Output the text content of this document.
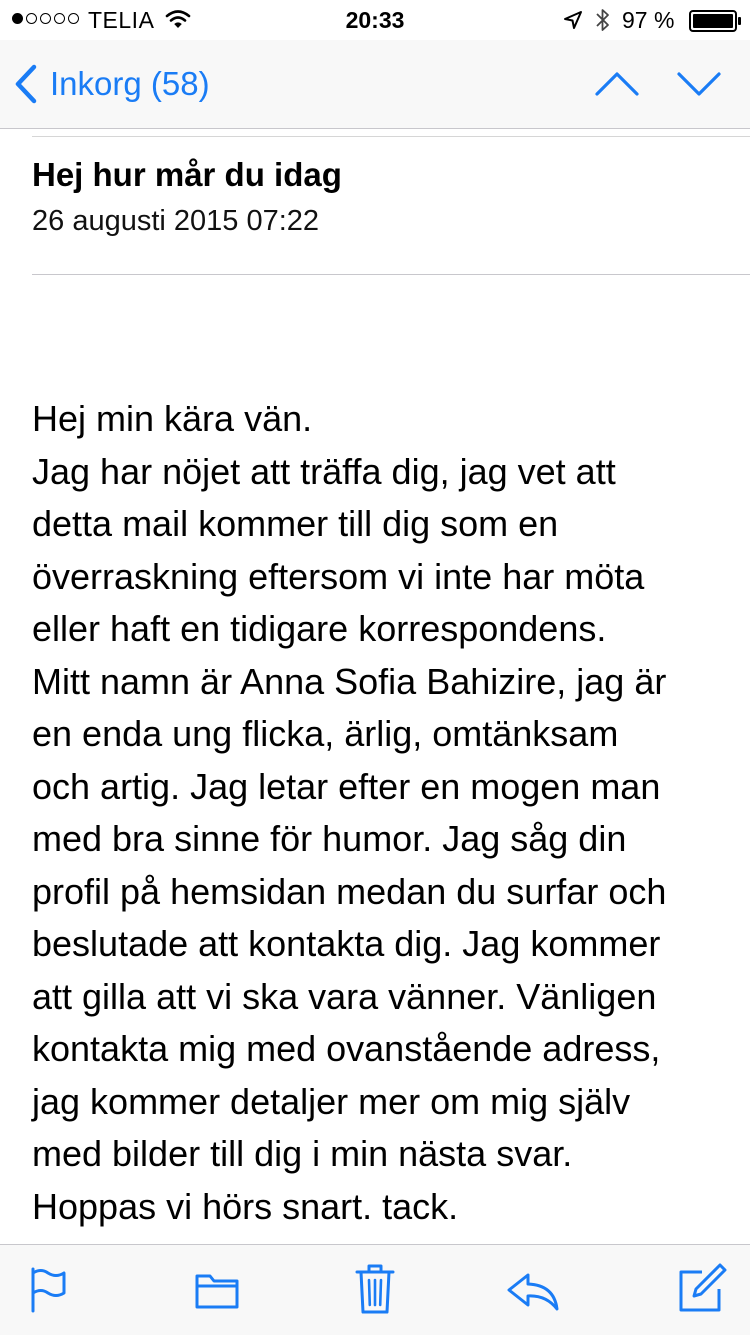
TELIA	20:33	97 %
Inkorg (58)
Hej hur mår du idag
26 augusti 2015 07:22
Hej min kära vän.
Jag har nöjet att träffa dig, jag vet att
detta mail kommer till dig som en
överraskning eftersom vi inte har möta
eller haft en tidigare korrespondens.
Mitt namn är Anna Sofia Bahizire, jag är
en enda ung flicka, ärlig, omtänksam
och artig. Jag letar efter en mogen man
med bra sinne för humor. Jag såg din
profil på hemsidan medan du surfar och
beslutade att kontakta dig. Jag kommer
att gilla att vi ska vara vänner. Vänligen
kontakta mig med ovanstående adress,
jag kommer detaljer mer om mig själv
med bilder till dig i min nästa svar.
Hoppas vi hörs snart. tack.
